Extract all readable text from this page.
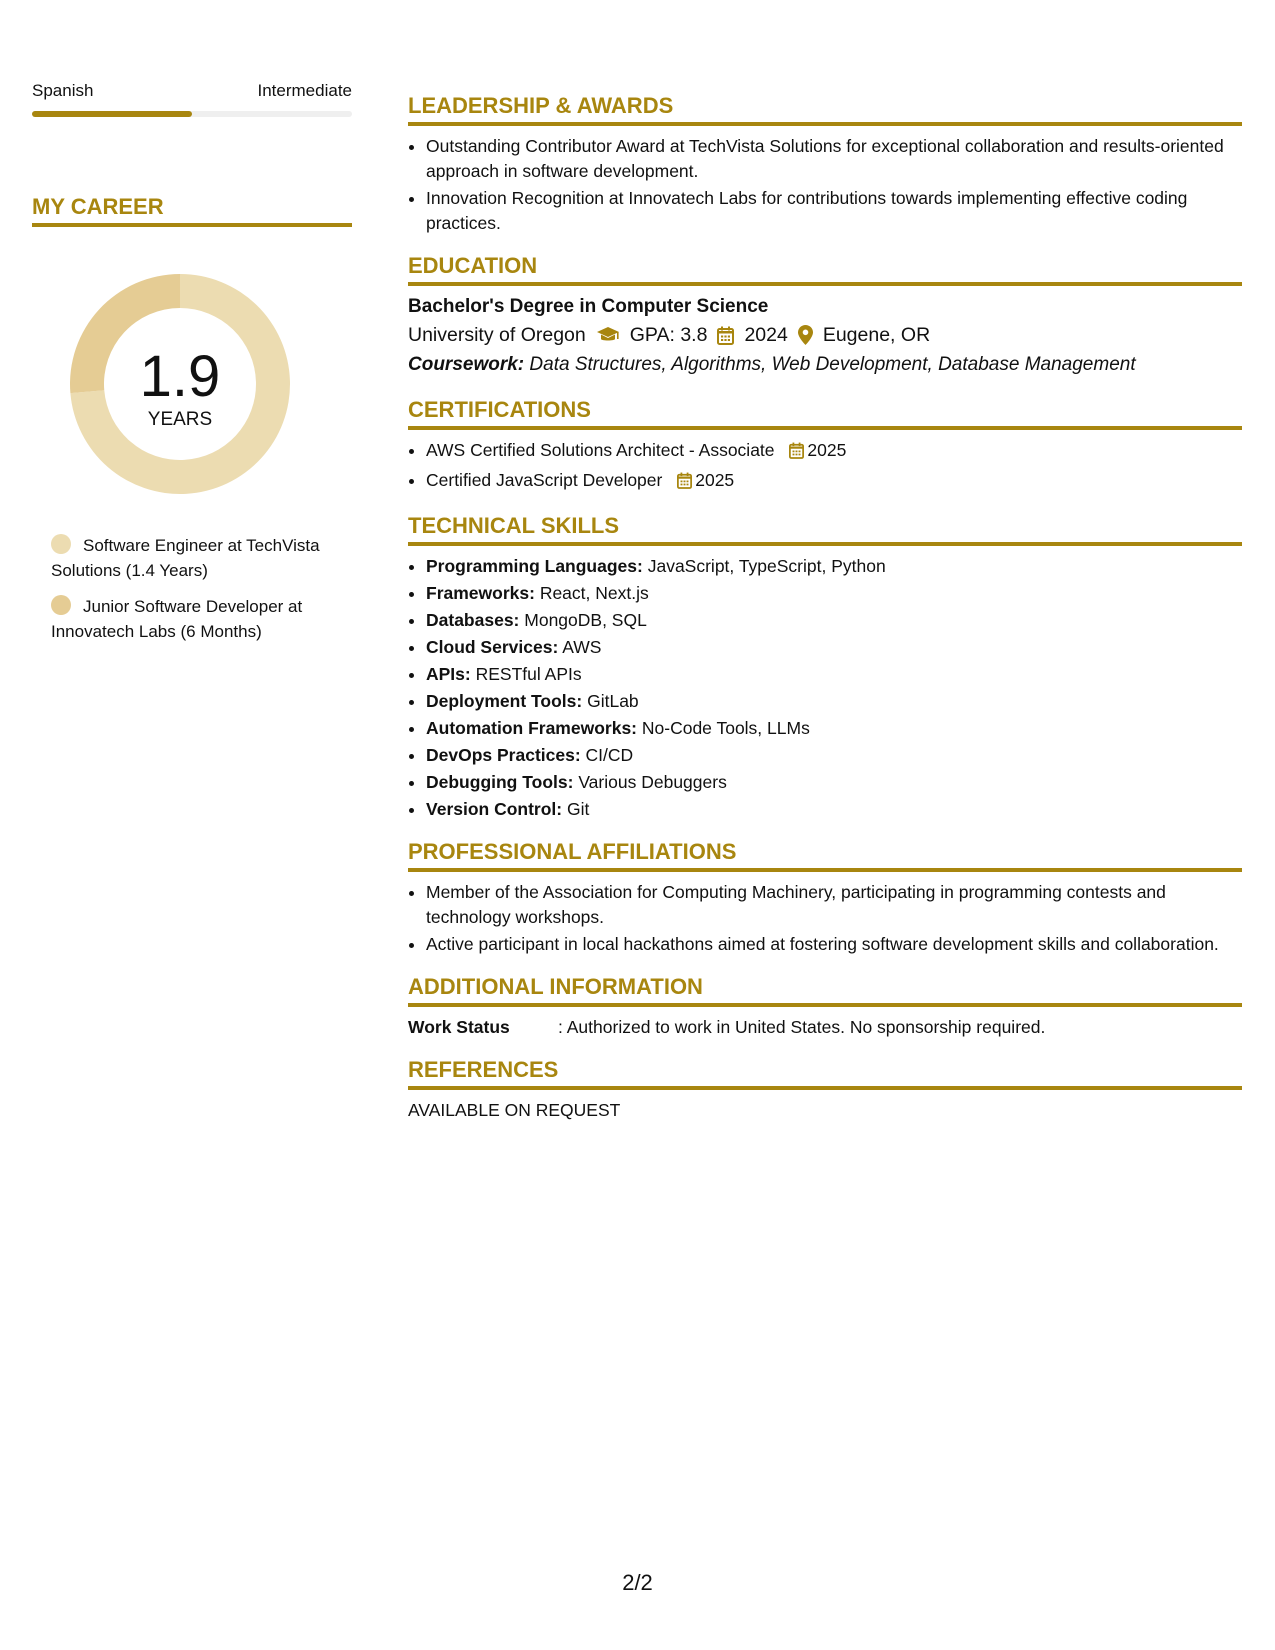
Spanish	Intermediate
MY CAREER
1.9
YEARS
Software Engineer at TechVista Solutions (1.4 Years)
Junior Software Developer at Innovatech Labs (6 Months)
LEADERSHIP & AWARDS
• Outstanding Contributor Award at TechVista Solutions for exceptional collaboration and results-oriented approach in software development.
• Innovation Recognition at Innovatech Labs for contributions towards implementing effective coding practices.
EDUCATION
Bachelor's Degree in Computer Science
University of Oregon GPA: 3.8 2024 Eugene, OR
Coursework: Data Structures, Algorithms, Web Development, Database Management
CERTIFICATIONS
• AWS Certified Solutions Architect - Associate 2025
• Certified JavaScript Developer 2025
TECHNICAL SKILLS
• Programming Languages: JavaScript, TypeScript, Python
• Frameworks: React, Next.js
• Databases: MongoDB, SQL
• Cloud Services: AWS
• APIs: RESTful APIs
• Deployment Tools: GitLab
• Automation Frameworks: No-Code Tools, LLMs
• DevOps Practices: CI/CD
• Debugging Tools: Various Debuggers
• Version Control: Git
PROFESSIONAL AFFILIATIONS
• Member of the Association for Computing Machinery, participating in programming contests and technology workshops.
• Active participant in local hackathons aimed at fostering software development skills and collaboration.
ADDITIONAL INFORMATION
Work Status	: Authorized to work in United States. No sponsorship required.
REFERENCES
AVAILABLE ON REQUEST
2/2
